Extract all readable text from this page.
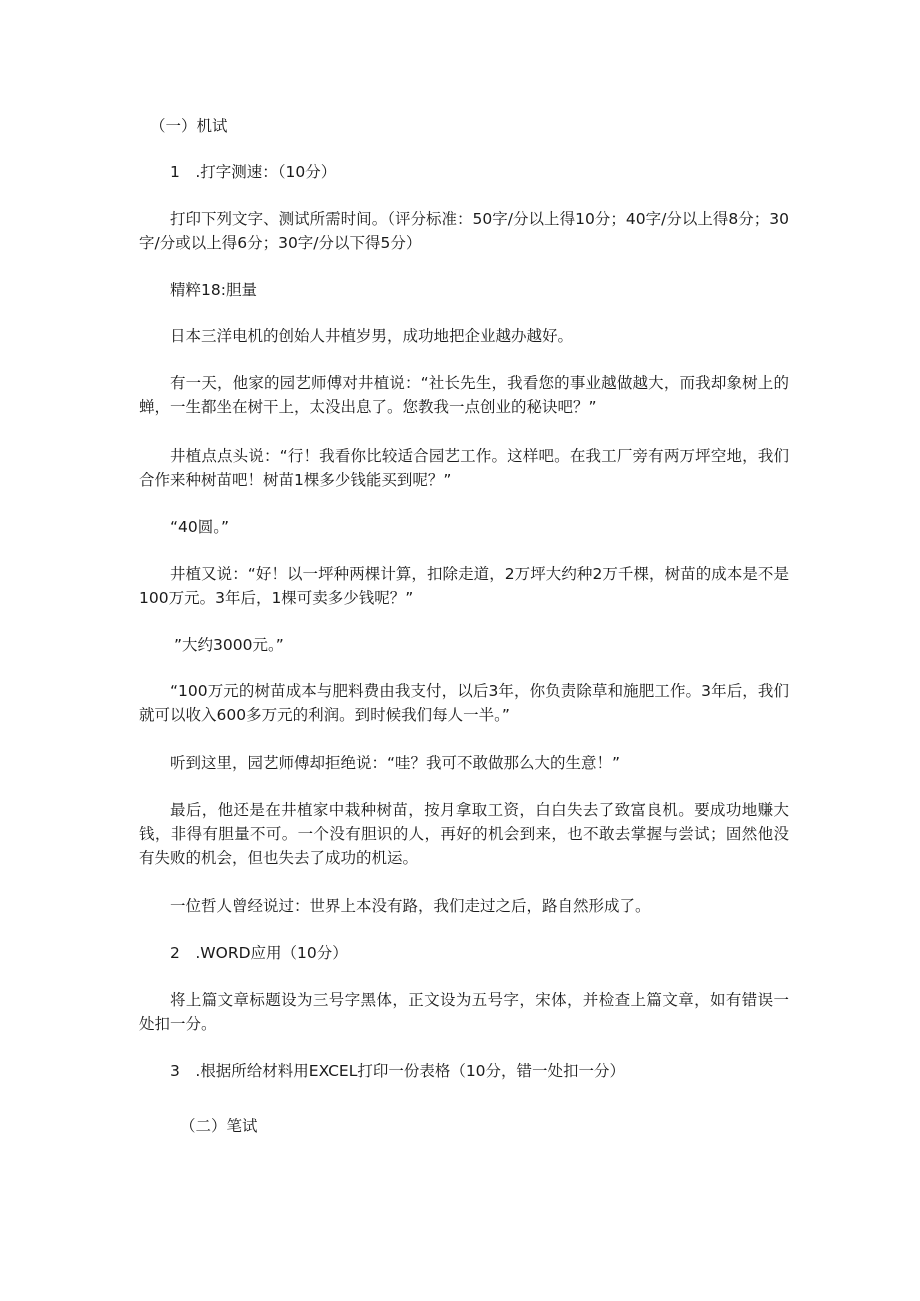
（一）机试
1　.打字测速：（10分）

打印下列文字、测试所需时间。（评分标准：50字/分以上得10分；40字/分以上得8分；30字/分或以上得6分；30字/分以下得5分）

精粹18:胆量

日本三洋电机的创始人井植岁男，成功地把企业越办越好。

有一天，他家的园艺师傅对井植说：“社长先生，我看您的事业越做越大，而我却象树上的蝉，一生都坐在树干上，太没出息了。您教我一点创业的秘诀吧？”

井植点点头说：“行！我看你比较适合园艺工作。这样吧。在我工厂旁有两万坪空地，我们合作来种树苗吧！树苗1棵多少钱能买到呢？”

“40圆。”

井植又说：“好！以一坪种两棵计算，扣除走道，2万坪大约种2万千棵，树苗的成本是不是100万元。3年后，1棵可卖多少钱呢？”

”大约3000元。”

“100万元的树苗成本与肥料费由我支付，以后3年，你负责除草和施肥工作。3年后，我们就可以收入600多万元的利润。到时候我们每人一半。”

听到这里，园艺师傅却拒绝说：“哇？我可不敢做那么大的生意！”

最后，他还是在井植家中栽种树苗，按月拿取工资，白白失去了致富良机。要成功地赚大钱，非得有胆量不可。一个没有胆识的人，再好的机会到来，也不敢去掌握与尝试；固然他没有失败的机会，但也失去了成功的机运。

一位哲人曾经说过：世界上本没有路，我们走过之后，路自然形成了。

2　.WORD应用（10分）

将上篇文章标题设为三号字黑体，正文设为五号字，宋体，并检查上篇文章，如有错误一处扣一分。

3　.根据所给材料用EXCEL打印一份表格（10分，错一处扣一分）
（二）笔试
